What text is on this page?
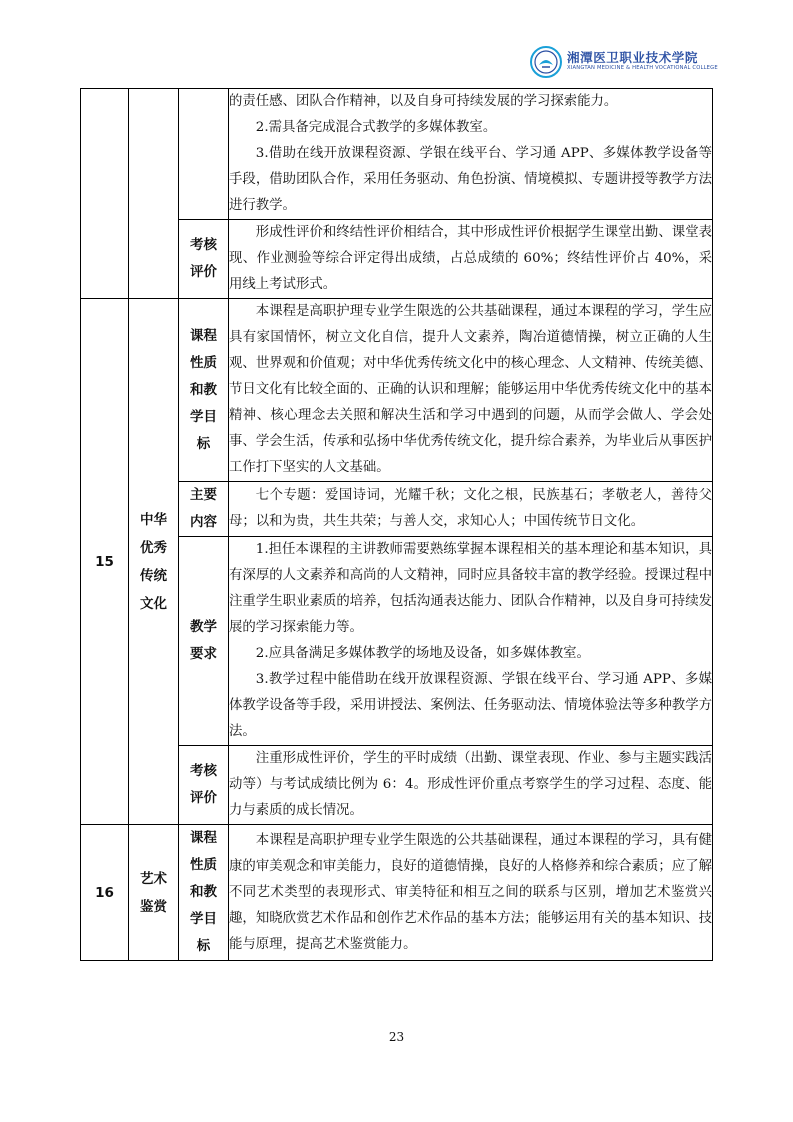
湘潭医卫职业技术学院
XIANGTAN MEDICINE & HEALTH VOCATIONAL COLLEGE

			的责任感、团队合作精神，以及自身可持续发展的学习探索能力。

2.需具备完成混合式教学的多媒体教室。

3.借助在线开放课程资源、学银在线平台、学习通 APP、多媒体教学设备等手段，借助团队合作，采用任务驱动、角色扮演、情境模拟、专题讲授等教学方法进行教学。

		考核评价	形成性评价和终结性评价相结合，其中形成性评价根据学生课堂出勤、课堂表现、作业测验等综合评定得出成绩，占总成绩的 60%；终结性评价占 40%，采用线上考试形式。

15	中华优秀传统文化	课程性质和教学目标	本课程是高职护理专业学生限选的公共基础课程，通过本课程的学习，学生应具有家国情怀，树立文化自信，提升人文素养，陶冶道德情操，树立正确的人生观、世界观和价值观；对中华优秀传统文化中的核心理念、人文精神、传统美德、节日文化有比较全面的、正确的认识和理解；能够运用中华优秀传统文化中的基本精神、核心理念去关照和解决生活和学习中遇到的问题，从而学会做人、学会处事、学会生活，传承和弘扬中华优秀传统文化，提升综合素养，为毕业后从事医护工作打下坚实的人文基础。

		主要内容	七个专题：爱国诗词，光耀千秋；文化之根，民族基石；孝敬老人，善待父母；以和为贵，共生共荣；与善人交，求知心人；中国传统节日文化。

		教学要求	1.担任本课程的主讲教师需要熟练掌握本课程相关的基本理论和基本知识，具有深厚的人文素养和高尚的人文精神，同时应具备较丰富的教学经验。授课过程中注重学生职业素质的培养，包括沟通表达能力、团队合作精神，以及自身可持续发展的学习探索能力等。

2.应具备满足多媒体教学的场地及设备，如多媒体教室。

3.教学过程中能借助在线开放课程资源、学银在线平台、学习通 APP、多媒体教学设备等手段，采用讲授法、案例法、任务驱动法、情境体验法等多种教学方法。

		考核评价	注重形成性评价，学生的平时成绩（出勤、课堂表现、作业、参与主题实践活动等）与考试成绩比例为 6：4。形成性评价重点考察学生的学习过程、态度、能力与素质的成长情况。

16	艺术鉴赏	课程性质和教学目标	本课程是高职护理专业学生限选的公共基础课程，通过本课程的学习，具有健康的审美观念和审美能力，良好的道德情操，良好的人格修养和综合素质；应了解不同艺术类型的表现形式、审美特征和相互之间的联系与区别，增加艺术鉴赏兴趣，知晓欣赏艺术作品和创作艺术作品的基本方法；能够运用有关的基本知识、技能与原理，提高艺术鉴赏能力。

23
